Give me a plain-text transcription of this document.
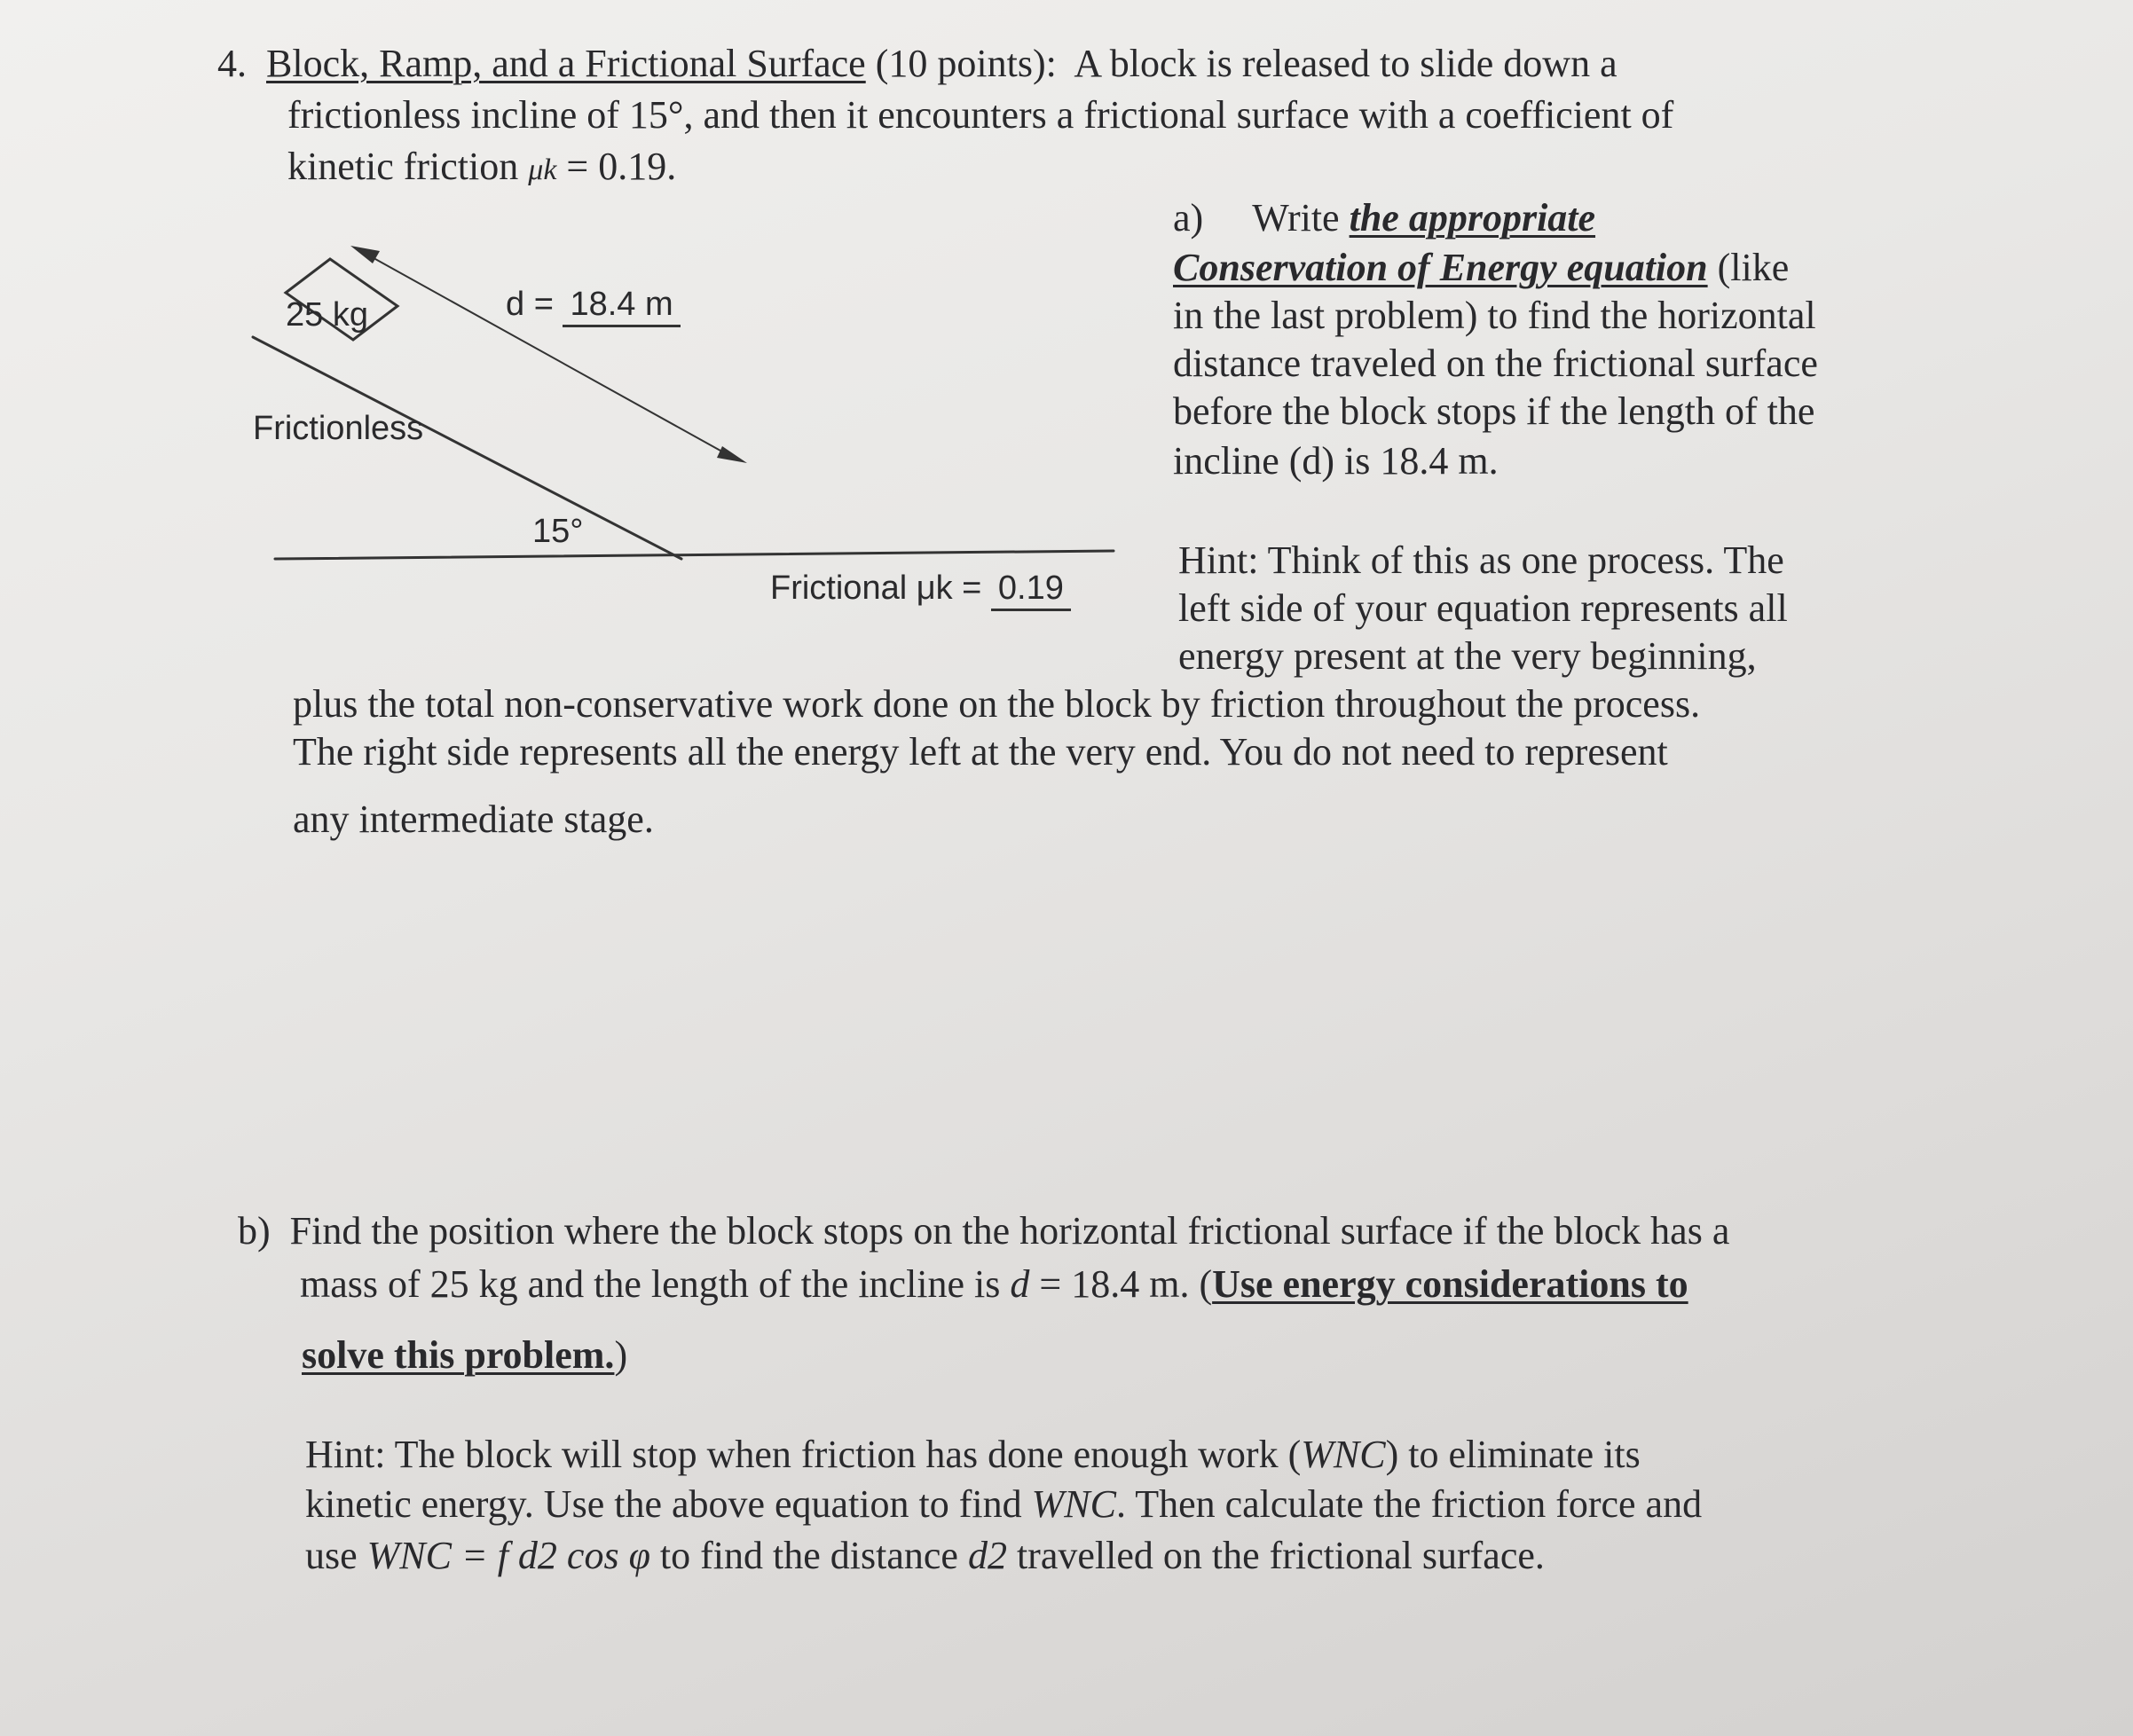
4. Block, Ramp, and a Frictional Surface (10 points): A block is released to slide down a
frictionless incline of 15°, and then it encounters a frictional surface with a coefficient of
kinetic friction μk = 0.19.
25 kg	d = 18.4 m
Frictionless
15°
Frictional μk = 0.19
a) Write the appropriate
Conservation of Energy equation (like
in the last problem) to find the horizontal
distance traveled on the frictional surface
before the block stops if the length of the
incline (d) is 18.4 m.
Hint: Think of this as one process. The
left side of your equation represents all
energy present at the very beginning,
plus the total non-conservative work done on the block by friction throughout the process.
The right side represents all the energy left at the very end. You do not need to represent
any intermediate stage.
b) Find the position where the block stops on the horizontal frictional surface if the block has a
mass of 25 kg and the length of the incline is d = 18.4 m. (Use energy considerations to
solve this problem.)
Hint: The block will stop when friction has done enough work (WNC) to eliminate its
kinetic energy. Use the above equation to find WNC. Then calculate the friction force and
use WNC = f d2 cos φ to find the distance d2 travelled on the frictional surface.
